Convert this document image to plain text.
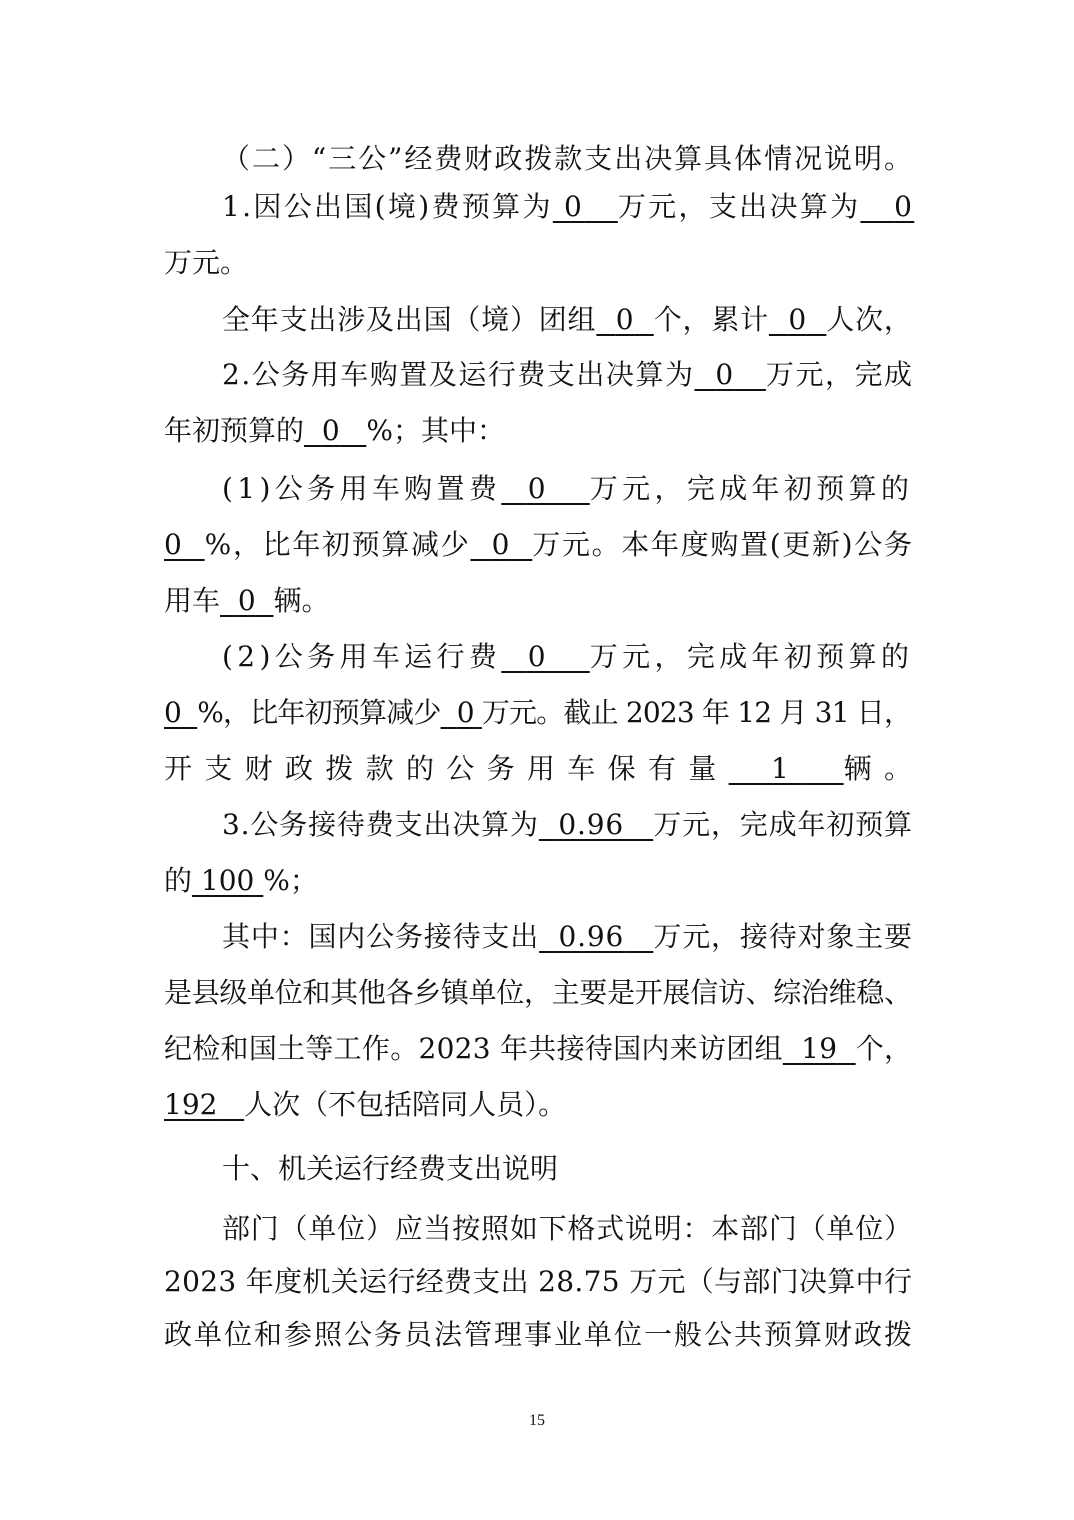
（二）“三公”经费财政拨款支出决算具体情况说明。
1.因公出国(境)费预算为 0 万元，支出决算为 0
万元。
全年支出涉及出国（境）团组 0 个，累计 0 人次，
2.公务用车购置及运行费支出决算为 0 万元，完成
年初预算的 0 %；其中：
(1)公务用车购置费 0 万元，完成年初预算的
0 %，比年初预算减少 0 万元。本年度购置(更新)公务
用车 0 辆。
(2)公务用车运行费 0 万元，完成年初预算的
0 %，比年初预算减少 0 万元。截止 2023 年 12 月 31 日，
开支财政拨款的公务用车保有量 1 辆。
3.公务接待费支出决算为 0.96 万元，完成年初预算
的 100 %；
其中：国内公务接待支出 0.96 万元，接待对象主要
是县级单位和其他各乡镇单位，主要是开展信访、综治维稳、
纪检和国土等工作。2023 年共接待国内来访团组 19 个，
192 人次（不包括陪同人员）。
十、机关运行经费支出说明
部门（单位）应当按照如下格式说明：本部门（单位）
2023 年度机关运行经费支出 28.75 万元（与部门决算中行
政单位和参照公务员法管理事业单位一般公共预算财政拨
15
